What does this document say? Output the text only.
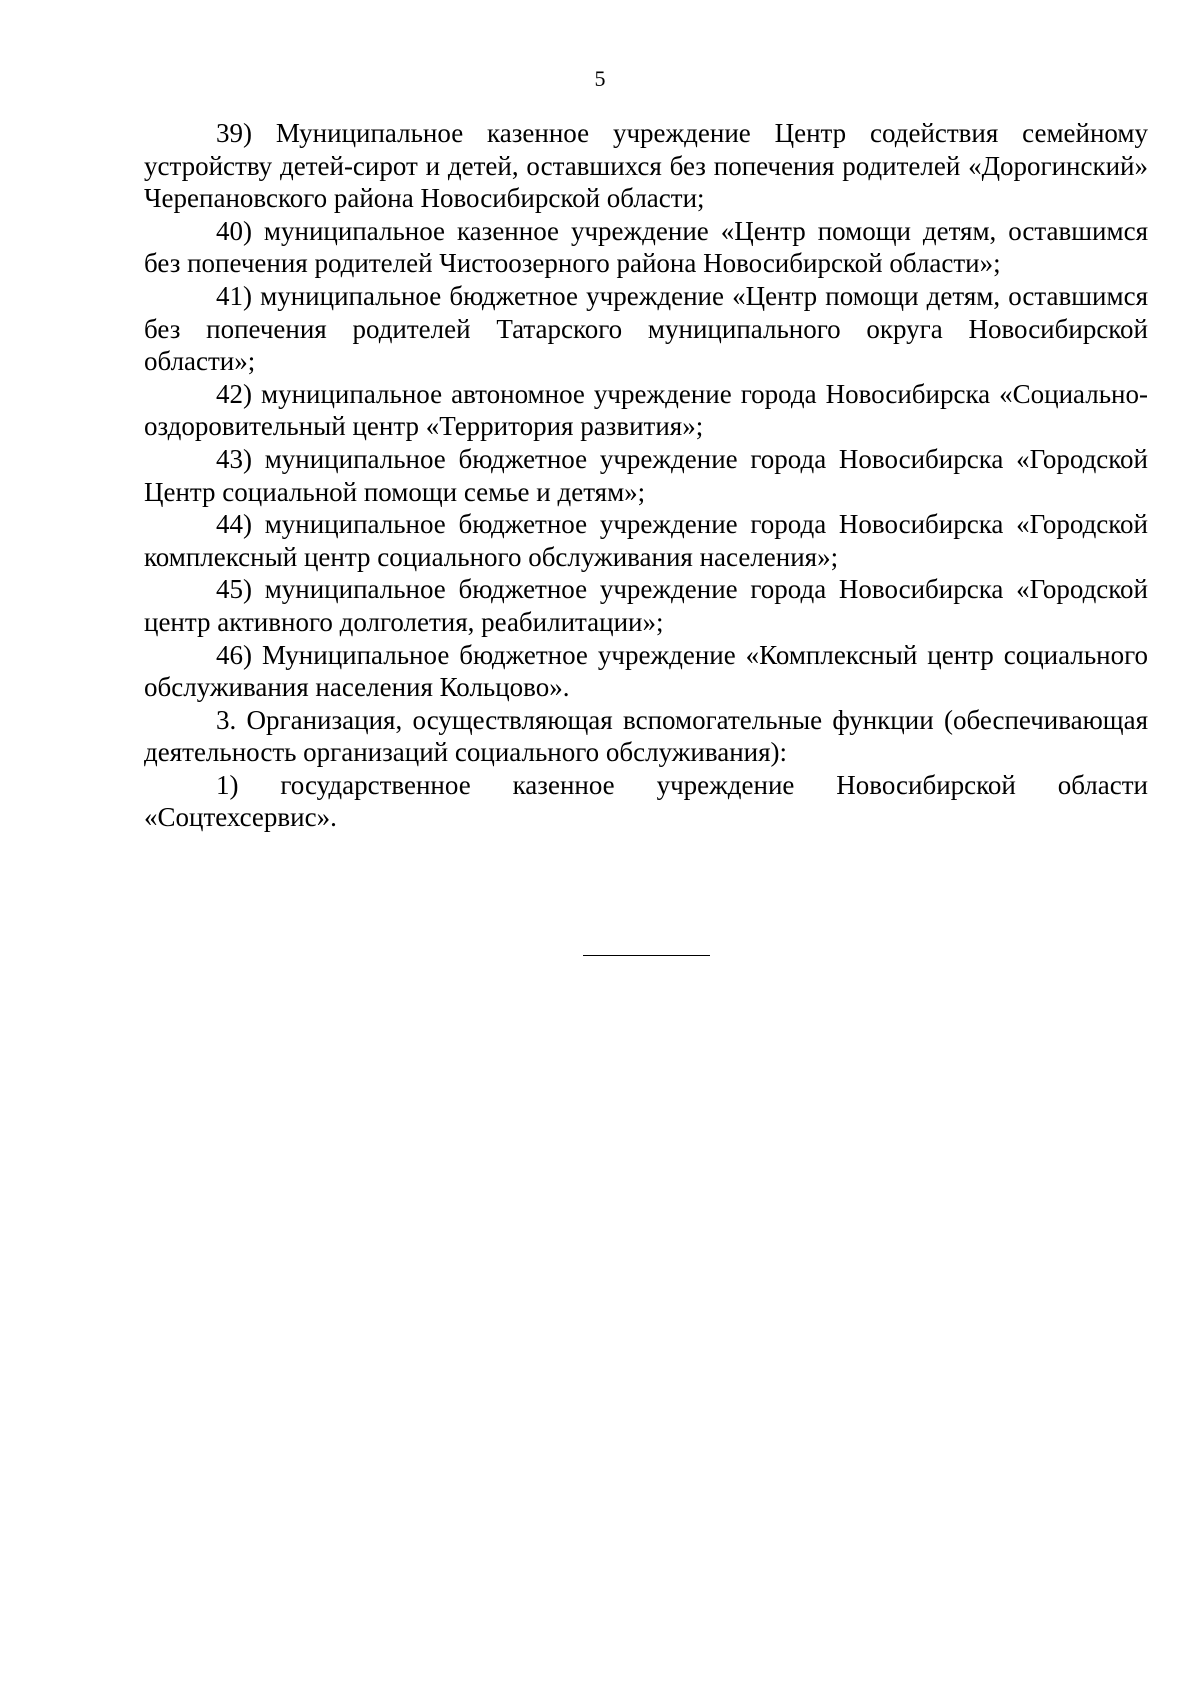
5

39) Муниципальное казенное учреждение Центр содействия семейному устройству детей-сирот и детей, оставшихся без попечения родителей «Дорогинский» Черепановского района Новосибирской области;

40) муниципальное казенное учреждение «Центр помощи детям, оставшимся без попечения родителей Чистоозерного района Новосибирской области»;

41) муниципальное бюджетное учреждение «Центр помощи детям, оставшимся без попечения родителей Татарского муниципального округа Новосибирской области»;

42) муниципальное автономное учреждение города Новосибирска «Социально-оздоровительный центр «Территория развития»;

43) муниципальное бюджетное учреждение города Новосибирска «Городской Центр социальной помощи семье и детям»;

44) муниципальное бюджетное учреждение города Новосибирска «Городской комплексный центр социального обслуживания населения»;

45) муниципальное бюджетное учреждение города Новосибирска «Городской центр активного долголетия, реабилитации»;

46) Муниципальное бюджетное учреждение «Комплексный центр социального обслуживания населения Кольцово».

3. Организация, осуществляющая вспомогательные функции (обеспечивающая деятельность организаций социального обслуживания):

1) государственное казенное учреждение Новосибирской области «Соцтехсервис».
